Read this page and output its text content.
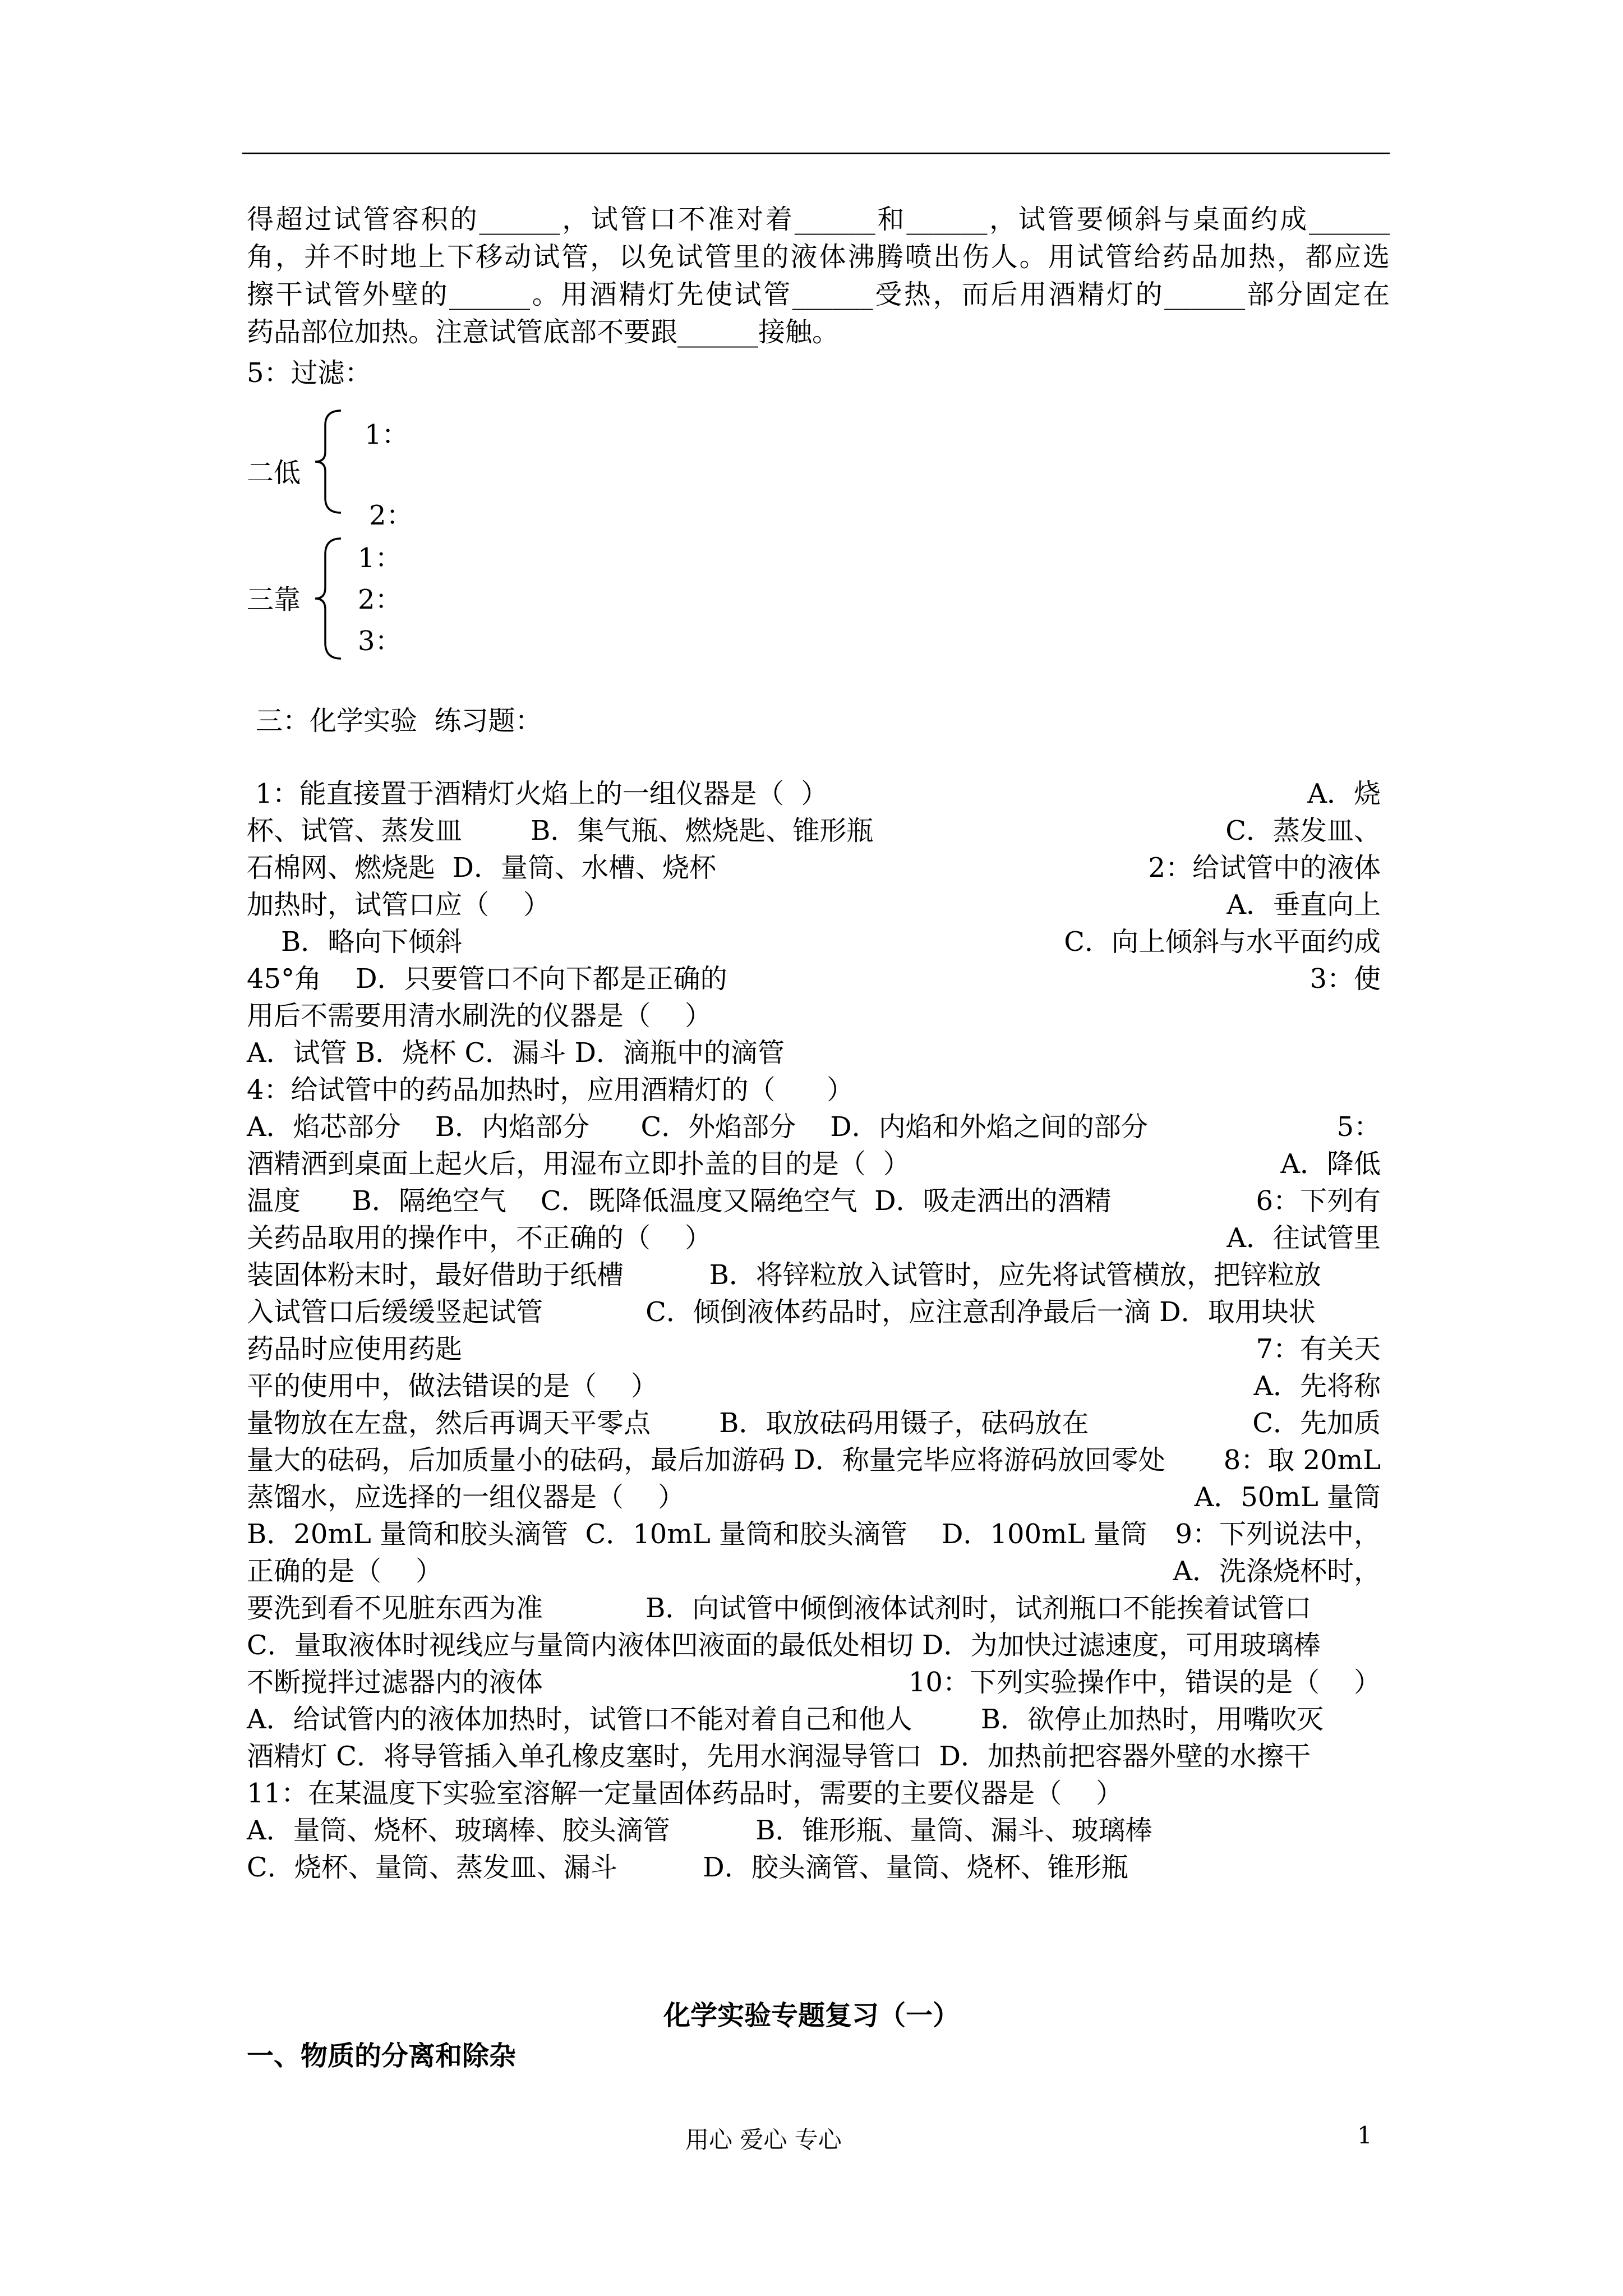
得超过试管容积的______，试管口不准对着______和______，试管要倾斜与桌面约成______
角，并不时地上下移动试管，以免试管里的液体沸腾喷出伤人。用试管给药品加热，都应选
擦干试管外壁的______。用酒精灯先使试管______受热，而后用酒精灯的______部分固定在
药品部位加热。注意试管底部不要跟______接触。
5：过滤：
二低
1：
2：
三靠
1：
2：
3：
三：化学实验  练习题：
1：能直接置于酒精灯火焰上的一组仪器是（  ）	A．烧
杯、试管、蒸发皿        B．集气瓶、燃烧匙、锥形瓶	C．蒸发皿、
石棉网、燃烧匙  D．量筒、水槽、烧杯	2：给试管中的液体
加热时，试管口应（    ）	A．垂直向上
B．略向下倾斜	C．向上倾斜与水平面约成
45°角    D．只要管口不向下都是正确的	3：使
用后不需要用清水刷洗的仪器是（    ）
A．试管 B．烧杯 C．漏斗 D．滴瓶中的滴管
4：给试管中的药品加热时，应用酒精灯的（      ）
A．焰芯部分    B．内焰部分      C．外焰部分    D．内焰和外焰之间的部分	5：
酒精洒到桌面上起火后，用湿布立即扑盖的目的是（  ）	A．降低
温度      B．隔绝空气    C．既降低温度又隔绝空气  D．吸走洒出的酒精	6：下列有
关药品取用的操作中，不正确的（    ）	A．往试管里
装固体粉末时，最好借助于纸槽          B．将锌粒放入试管时，应先将试管横放，把锌粒放
入试管口后缓缓竖起试管            C．倾倒液体药品时，应注意刮净最后一滴 D．取用块状
药品时应使用药匙	7：有关天
平的使用中，做法错误的是（    ）	A．先将称
量物放在左盘，然后再调天平零点        B．取放砝码用镊子，砝码放在	C．先加质
量大的砝码，后加质量小的砝码，最后加游码 D．称量完毕应将游码放回零处 8：取 20mL
蒸馏水，应选择的一组仪器是（    ）	A．50mL 量筒
B．20mL 量筒和胶头滴管  C．10mL 量筒和胶头滴管    D．100mL 量筒 9：下列说法中，
正确的是（    ）	A．洗涤烧杯时，
要洗到看不见脏东西为准            B．向试管中倾倒液体试剂时，试剂瓶口不能挨着试管口
C．量取液体时视线应与量筒内液体凹液面的最低处相切 D．为加快过滤速度，可用玻璃棒
不断搅拌过滤器内的液体	10：下列实验操作中，错误的是（    ）
A．给试管内的液体加热时，试管口不能对着自己和他人        B．欲停止加热时，用嘴吹灭
酒精灯 C．将导管插入单孔橡皮塞时，先用水润湿导管口  D．加热前把容器外壁的水擦干
11：在某温度下实验室溶解一定量固体药品时，需要的主要仪器是（    ）
A．量筒、烧杯、玻璃棒、胶头滴管          B．锥形瓶、量筒、漏斗、玻璃棒
C．烧杯、量筒、蒸发皿、漏斗          D．胶头滴管、量筒、烧杯、锥形瓶
化学实验专题复习（一）
一、物质的分离和除杂
用心 爱心 专心	1
